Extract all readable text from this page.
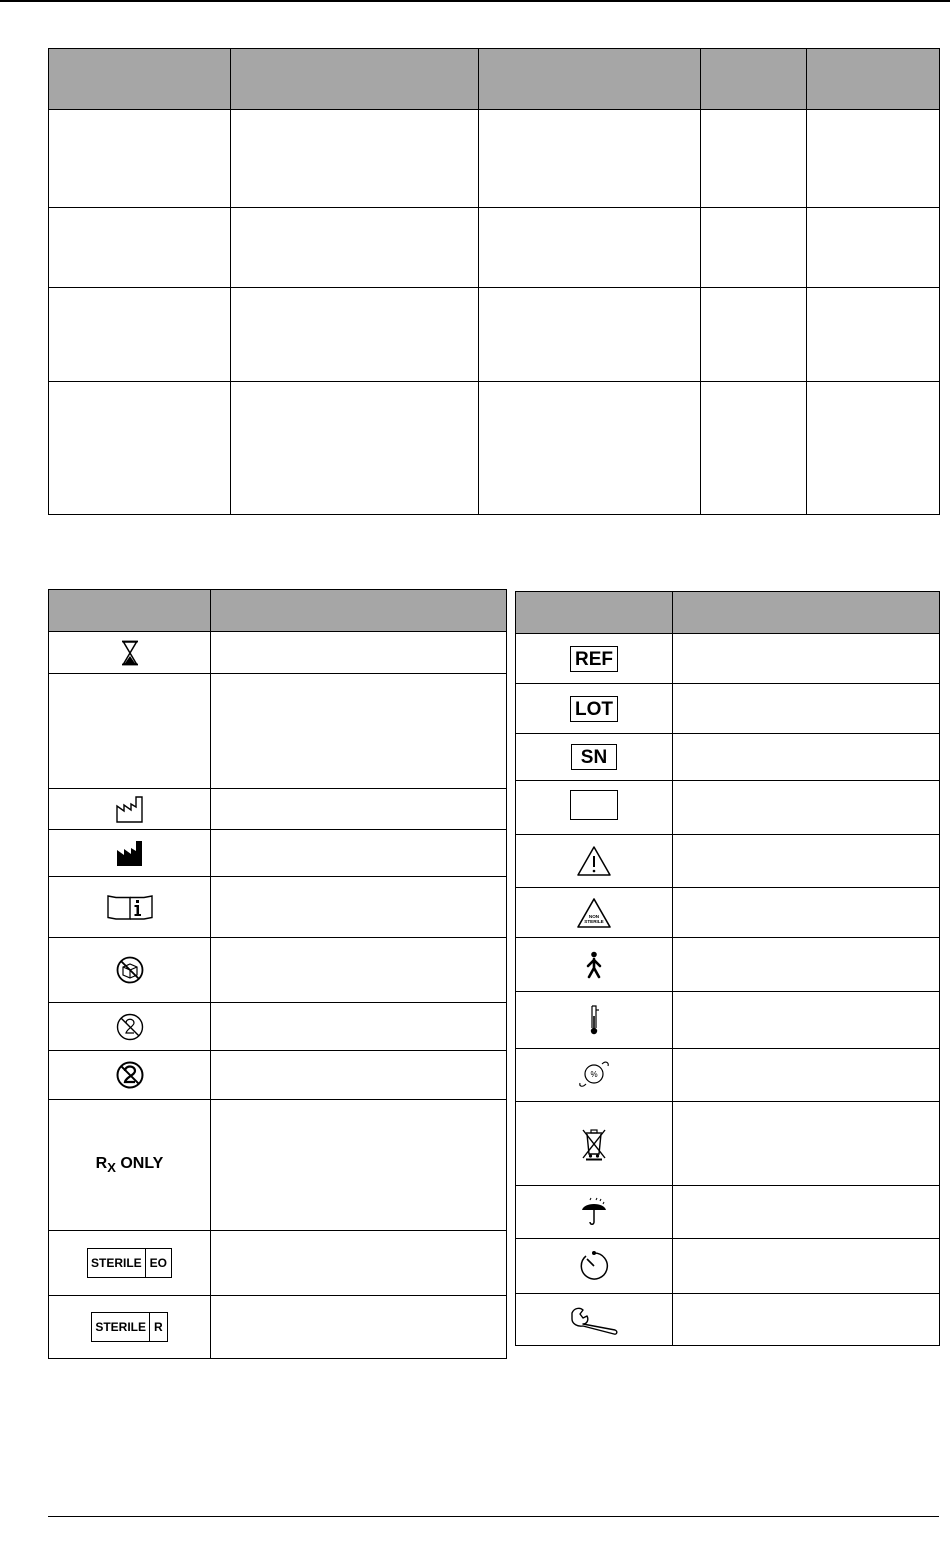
$R_X$ ONLY	

STERILE EO	

STERILE R	

REF	
LOT	
SN	

NON
STERILE	

%	
